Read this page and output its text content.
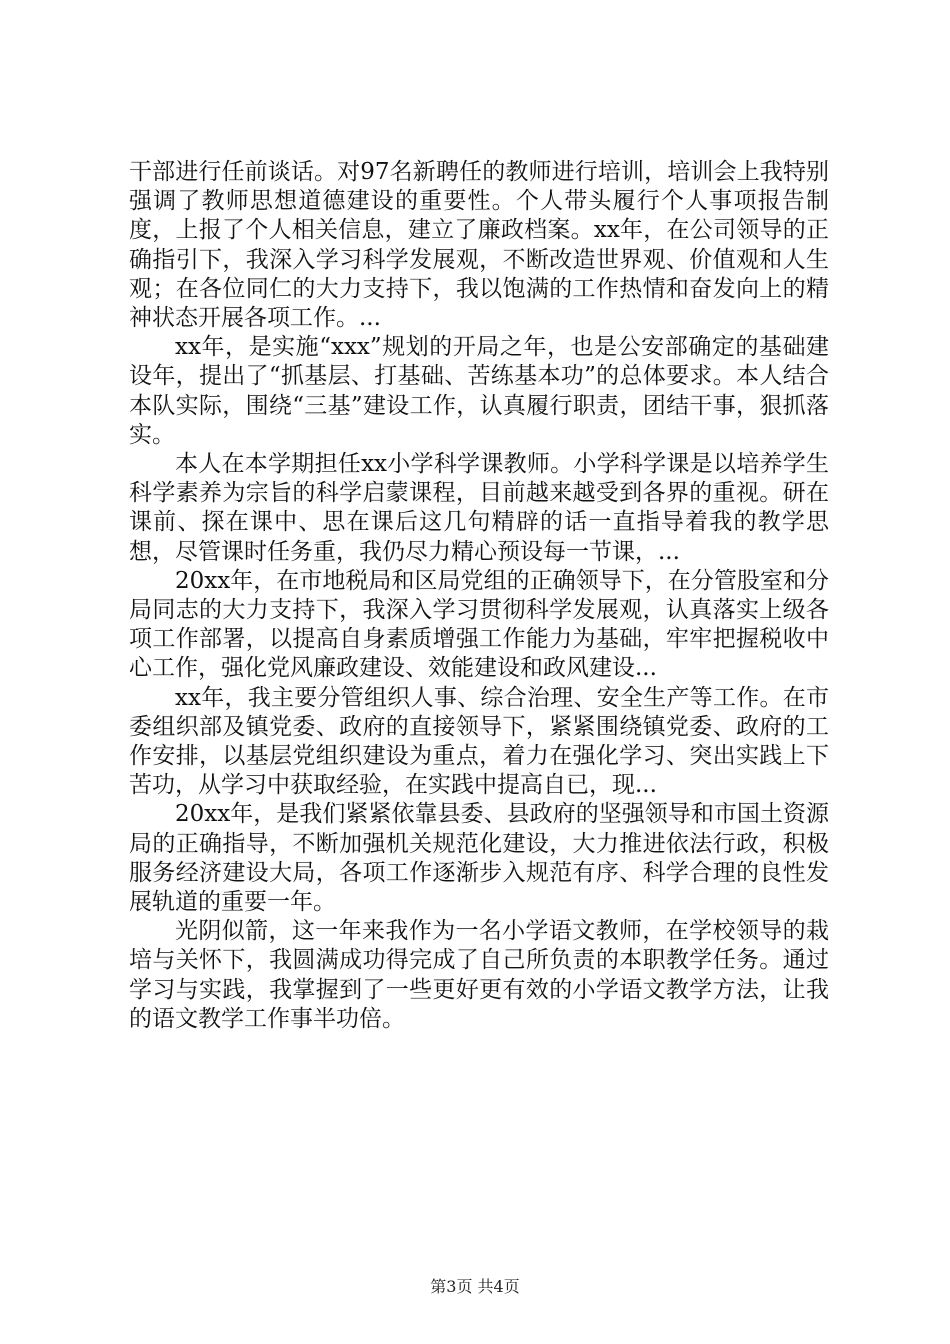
干部进行任前谈话。对97名新聘任的教师进行培训，培训会上我特别强调了教师思想道德建设的重要性。个人带头履行个人事项报告制度，上报了个人相关信息，建立了廉政档案。xx年，在公司领导的正确指引下，我深入学习科学发展观，不断改造世界观、价值观和人生观；在各位同仁的大力支持下，我以饱满的工作热情和奋发向上的精神状态开展各项工作。...

xx年，是实施“xxx”规划的开局之年，也是公安部确定的基础建设年，提出了“抓基层、打基础、苦练基本功”的总体要求。本人结合本队实际，围绕“三基”建设工作，认真履行职责，团结干事，狠抓落实。

本人在本学期担任xx小学科学课教师。小学科学课是以培养学生科学素养为宗旨的科学启蒙课程，目前越来越受到各界的重视。研在课前、探在课中、思在课后这几句精辟的话一直指导着我的教学思想，尽管课时任务重，我仍尽力精心预设每一节课，...

20xx年，在市地税局和区局党组的正确领导下，在分管股室和分局同志的大力支持下，我深入学习贯彻科学发展观，认真落实上级各项工作部署，以提高自身素质增强工作能力为基础，牢牢把握税收中心工作，强化党风廉政建设、效能建设和政风建设...

xx年，我主要分管组织人事、综合治理、安全生产等工作。在市委组织部及镇党委、政府的直接领导下，紧紧围绕镇党委、政府的工作安排，以基层党组织建设为重点，着力在强化学习、突出实践上下苦功，从学习中获取经验，在实践中提高自已，现...

20xx年，是我们紧紧依靠县委、县政府的坚强领导和市国土资源局的正确指导，不断加强机关规范化建设，大力推进依法行政，积极服务经济建设大局，各项工作逐渐步入规范有序、科学合理的良性发展轨道的重要一年。

光阴似箭，这一年来我作为一名小学语文教师，在学校领导的栽培与关怀下，我圆满成功得完成了自己所负责的本职教学任务。通过学习与实践，我掌握到了一些更好更有效的小学语文教学方法，让我的语文教学工作事半功倍。

第3页 共4页
